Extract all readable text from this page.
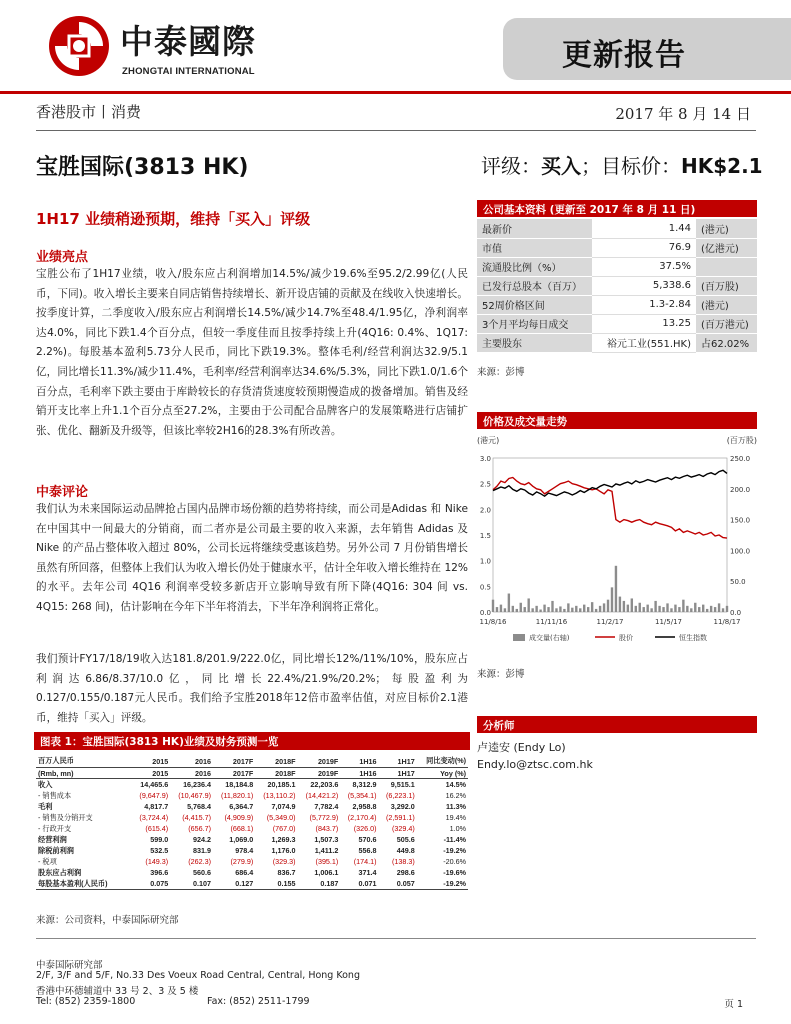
中泰國際
ZHONGTAI INTERNATIONAL	更新报告
香港股市丨消费	2017 年 8 月 14 日
宝胜国际(3813 HK)	评级：买入；目标价：HK$2.1
1H17 业绩稍逊预期，维持「买入」评级
业绩亮点
宝胜公布了1H17业绩，收入/股东应占利润增加14.5%/减少19.6%至95.2/2.99亿(人民币，下同)。收入增长主要来自同店销售持续增长、新开设店铺的贡献及在线收入快速增长。按季度计算，二季度收入/股东应占利润增长14.5%/减少14.7%至48.4/1.95亿，净利润率达4.0%，同比下跌1.4个百分点，但较一季度佳而且按季持续上升(4Q16: 0.4%、1Q17: 2.2%)。每股基本盈利5.73分人民币，同比下跌19.3%。整体毛利/经营利润达32.9/5.1亿，同比增长11.3%/减少11.4%，毛利率/经营利润率达34.6%/5.3%，同比下跌1.0/1.6个百分点，毛利率下跌主要由于库龄较长的存货清货速度较预期慢造成的拨备增加。销售及经销开支比率上升1.1个百分点至27.2%，主要由于公司配合品牌客户的发展策略进行店铺扩张、优化、翻新及升级等，但该比率较2H16的28.3%有所改善。
中泰评论
我们认为未来国际运动品牌抢占国内品牌市场份额的趋势将持续，而公司是Adidas 和 Nike 在中国其中一间最大的分销商，而二者亦是公司最主要的收入来源，去年销售 Adidas 及 Nike 的产品占整体收入超过 80%，公司长远将继续受惠该趋势。另外公司 7 月份销售增长虽然有所回落，但整体上我们认为收入增长仍处于健康水平，估计全年收入增长维持在 12%的水平。去年公司 4Q16 利润率受较多新店开立影响导致有所下降(4Q16: 304 间 vs. 4Q15: 268 间)，估计影响在今年下半年将消去，下半年净利润将正常化。
我们预计FY17/18/19收入达181.8/201.9/222.0亿，同比增长12%/11%/10%，股东应占利润达6.86/8.37/10.0亿，同比增长22.4%/21.9%/20.2%；每股盈利为0.127/0.155/0.187元人民币。我们给予宝胜2018年12倍市盈率估值，对应目标价2.1港币，维持「买入」评级。
公司基本资料 (更新至 2017 年 8 月 11 日)
最新价	1.44	(港元)
市值	76.9	(亿港元)
流通股比例（%）	37.5%	
已发行总股本（百万）	5,338.6	(百万股)
52周价格区间	1.3-2.84	(港元)
3个月平均每日成交	13.25	(百万港元)
主要股东	裕元工业(551.HK)	占62.02%
来源：彭博
价格及成交量走势
(港元)	(百万股)
0.0
0.5
1.0
1.5
2.0
2.5
3.0
0.0
50.0
100.0
150.0
200.0
250.0
11/8/16	11/11/16	11/2/17	11/5/17	11/8/17
成交量(右轴)	股价	恒生指数
来源：彭博
分析师
卢逵安 (Endy Lo)
Endy.lo@ztsc.com.hk
图表 1：宝胜国际(3813 HK)业绩及财务预测一览
百万人民币	2015	2016	2017F	2018F	2019F	1H16	1H17	同比变动(%)
(Rmb, mn)	2015	2016	2017F	2018F	2019F	1H16	1H17	Yoy (%)
收入	14,465.6	16,236.4	18,184.8	20,185.1	22,203.6	8,312.9	9,515.1	14.5%
- 销售成本	(9,647.9)	(10,467.9)	(11,820.1)	(13,110.2)	(14,421.2)	(5,354.1)	(6,223.1)	16.2%
毛利	4,817.7	5,768.4	6,364.7	7,074.9	7,782.4	2,958.8	3,292.0	11.3%
- 销售及分销开支	(3,724.4)	(4,415.7)	(4,909.9)	(5,349.0)	(5,772.9)	(2,170.4)	(2,591.1)	19.4%
- 行政开支	(615.4)	(656.7)	(668.1)	(767.0)	(843.7)	(326.0)	(329.4)	1.0%
经营利润	599.0	924.2	1,069.0	1,269.3	1,507.3	570.6	505.6	-11.4%
除税前利润	532.5	831.9	978.4	1,176.0	1,411.2	556.8	449.8	-19.2%
- 税项	(149.3)	(262.3)	(279.9)	(329.3)	(395.1)	(174.1)	(138.3)	-20.6%
股东应占利润	396.6	560.6	686.4	836.7	1,006.1	371.4	298.6	-19.6%
每股基本盈利(人民币)	0.075	0.107	0.127	0.155	0.187	0.071	0.057	-19.2%
来源：公司资料，中泰国际研究部
中泰国际研究部
2/F, 3/F and 5/F, No.33 Des Voeux Road Central, Central, Hong Kong
香港中环德辅道中 33 号 2、3 及 5 楼
Tel: (852) 2359-1800	Fax: (852) 2511-1799	页 1
